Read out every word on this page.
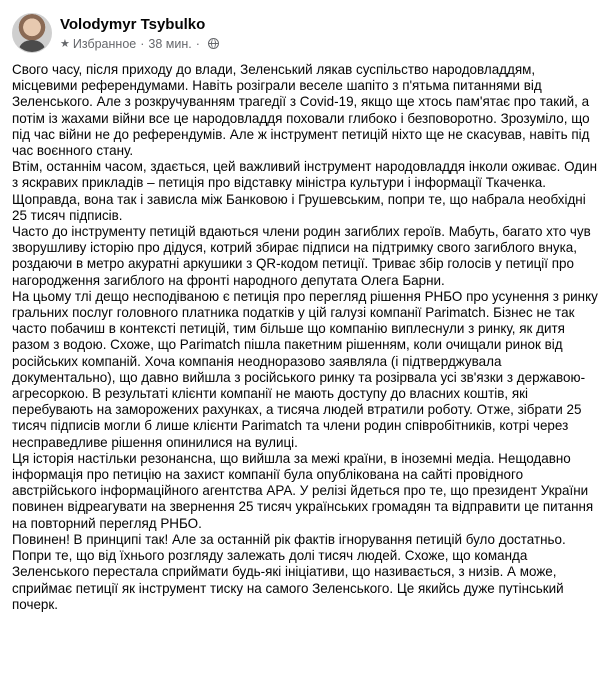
Volodymyr Tsybulko
★ Избранное · 38 мин. ·

Свого часу, після приходу до влади, Зеленський лякав суспільство народовладдям, місцевими референдумами. Навіть розіграли веселе шапіто з п'ятьма питаннями від Зеленського. Але з розкручуванням трагедії з Covid-19, якщо ще хтось пам'ятає про такий, а потім із жахами війни все це народовладдя поховали глибоко і безповоротно. Зрозуміло, що під час війни не до референдумів. Але ж інструмент петицій ніхто ще не скасував, навіть під час воєнного стану.

Втім, останнім часом, здається, цей важливий інструмент народовладдя інколи оживає. Один з яскравих прикладів – петиція про відставку міністра культури і інформації Ткаченка. Щоправда, вона так і зависла між Банковою і Грушевським, попри те, що набрала необхідні 25 тисяч підписів.

Часто до інструменту петицій вдаються члени родин загиблих героїв. Мабуть, багато хто чув зворушливу історію про дідуся, котрий збирає підписи на підтримку свого загиблого внука, роздаючи в метро акуратні аркушики з QR-кодом петиції. Триває збір голосів у петиції про нагородження загиблого на фронті народного депутата Олега Барни.

На цьому тлі дещо несподіваною є петиція про перегляд рішення РНБО про усунення з ринку гральних послуг головного платника податків у цій галузі компанії Parimatch. Бізнес не так часто побачиш в контексті петицій, тим більше що компанію виплеснули з ринку, як дитя разом з водою. Схоже, що Parimatch пішла пакетним рішенням, коли очищали ринок від російських компаній. Хоча компанія неодноразово заявляла (і підтверджувала документально), що давно вийшла з російського ринку та розірвала усі зв'язки з державою-агресоркою. В результаті клієнти компанії не мають доступу до власних коштів, які перебувають на заморожених рахунках, а тисяча людей втратили роботу. Отже, зібрати 25 тисяч підписів могли б лише клієнти Parimatch та члени родин співробітників, котрі через несправедливе рішення опинилися на вулиці.

Ця історія настільки резонансна, що вийшла за межі країни, в іноземні медіа. Нещодавно інформація про петицію на захист компанії була опублікована на сайті провідного австрійського інформаційного агентства APA. У релізі йдеться про те, що президент України повинен відреагувати на звернення 25 тисяч українських громадян та відправити це питання на повторний перегляд РНБО.

Повинен! В принципі так! Але за останній рік фактів ігнорування петицій було достатньо. Попри те, що від їхнього розгляду залежать долі тисяч людей. Схоже, що команда Зеленського перестала сприймати будь-які ініціативи, що називається, з низів. А може, сприймає петиції як інструмент тиску на самого Зеленського. Це якийсь дуже путінський почерк.
